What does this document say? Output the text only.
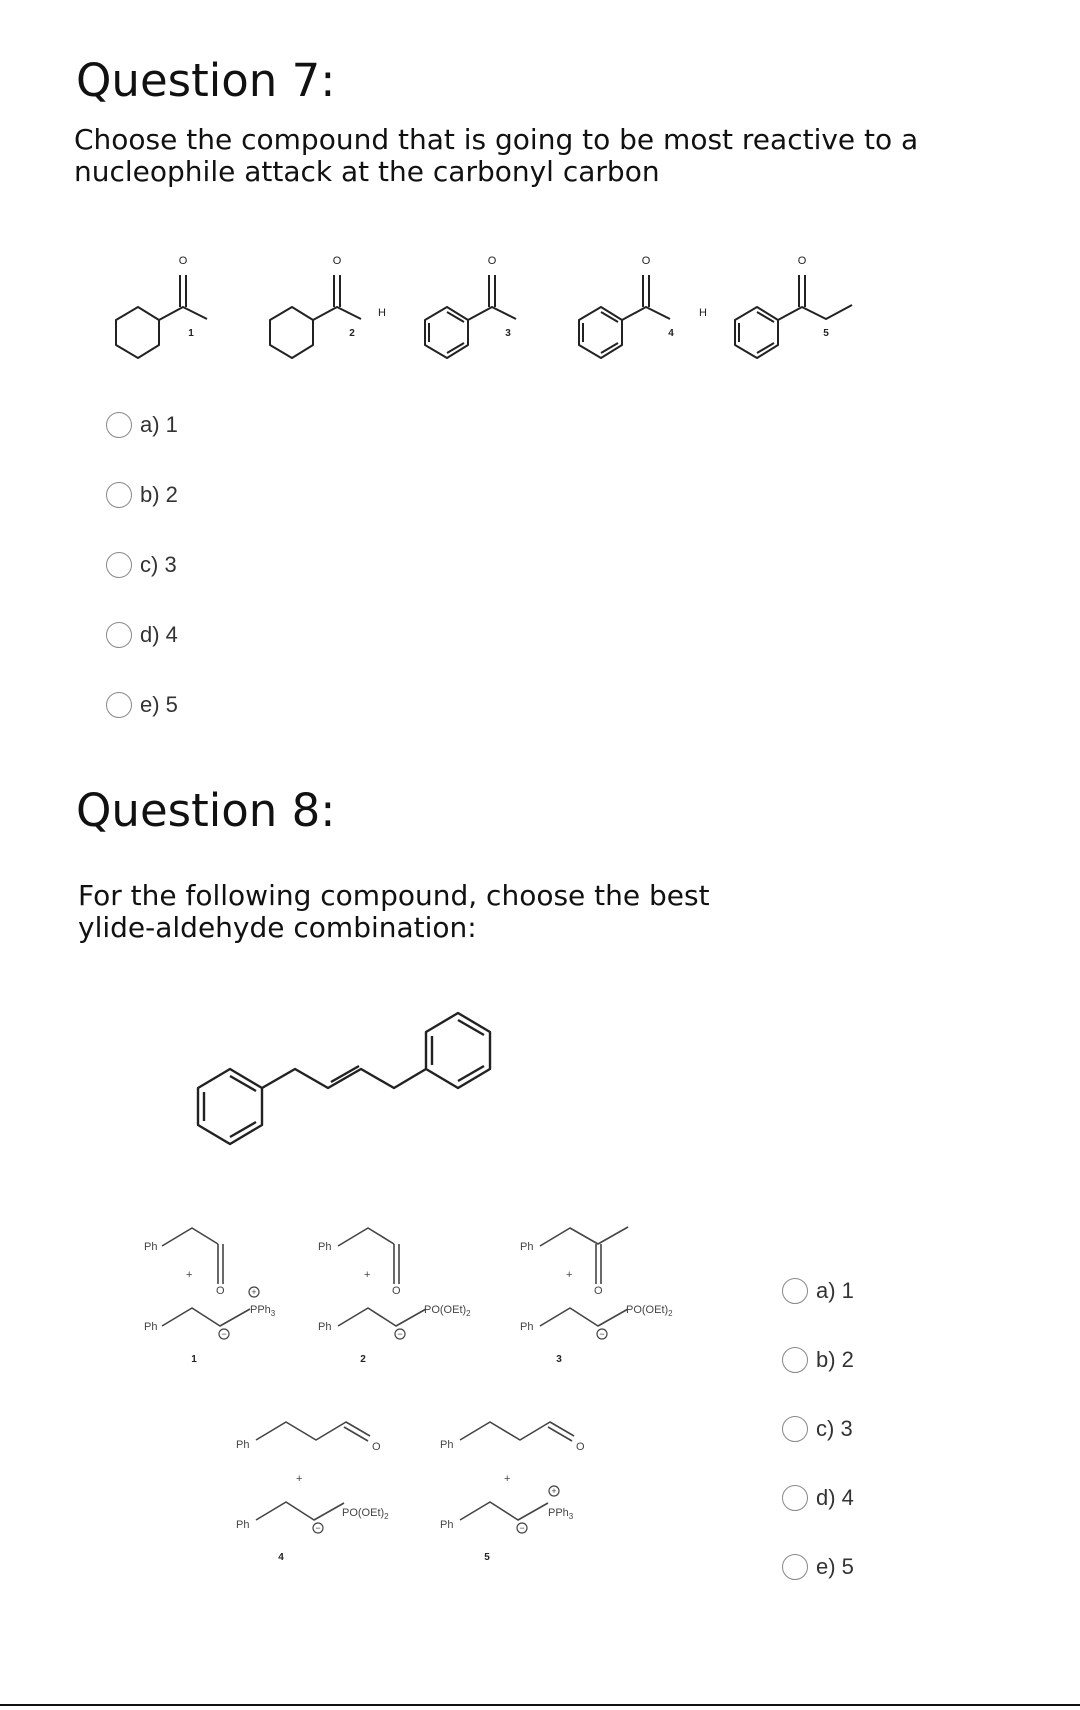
Question 7:

Choose the compound that is going to be most reactive to a
nucleophile attack at the carbonyl carbon

O	O	O	O	O
H	H
1	2	3	4	5
a) 1
b) 2
c) 3
d) 4
e) 5
Question 8:

For the following compound, choose the best
ylide-aldehyde combination:

Ph
Ph
Ph
Ph
Ph
Ph
Ph
Ph
Ph
Ph
O	O	O
O	O
+	+	+
+	+
PPh$_3$	$PO(OEt)_2$	$PO(OEt)_2$
$PO(OEt)_2$	PPh$_3$
+
+
−	−	−
−	−
1	2	3
4	5
a) 1
b) 2
c) 3
d) 4
e) 5
